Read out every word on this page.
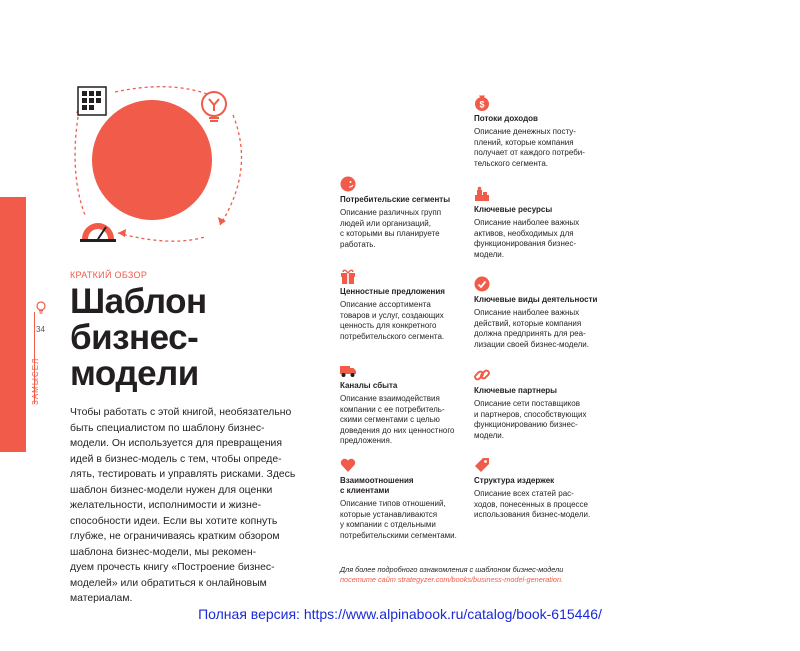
34
ЗАМЫСЕЛ
КРАТКИЙ ОБЗОР
Шаблон
бизнес-
модели
Чтобы работать с этой книгой, необязательно
быть специалистом по шаблону бизнес-
модели. Он используется для превращения
идей в бизнес-модель с тем, чтобы опреде-
лять, тестировать и управлять рисками. Здесь
шаблон бизнес-модели нужен для оценки
желательности, исполнимости и жизне-
способности идеи. Если вы хотите копнуть
глубже, не ограничиваясь кратким обзором
шаблона бизнес-модели, мы рекомен-
дуем прочесть книгу «Построение бизнес-
моделей» или обратиться к онлайновым
материалам.
Потребительские сегменты
Описание различных групп
людей или организаций,
с которыми вы планируете
работать.
Ценностные предложения
Описание ассортимента
товаров и услуг, создающих
ценность для конкретного
потребительского сегмента.
Каналы сбыта
Описание взаимодействия
компании с ее потребитель-
скими сегментами с целью
доведения до них ценностного
предложения.
Взаимоотношения
с клиентами
Описание типов отношений,
которые устанавливаются
у компании с отдельными
потребительскими сегментами.
$
Потоки доходов
Описание денежных посту-
плений, которые компания
получает от каждого потреби-
тельского сегмента.
Ключевые ресурсы
Описание наиболее важных
активов, необходимых для
функционирования бизнес-
модели.
Ключевые виды деятельности
Описание наиболее важных
действий, которые компания
должна предпринять для реа-
лизации своей бизнес-модели.
Ключевые партнеры
Описание сети поставщиков
и партнеров, способствующих
функционированию бизнес-
модели.
Структура издержек
Описание всех статей рас-
ходов, понесенных в процессе
использования бизнес-модели.
Для более подробного ознакомления с шаблоном бизнес-модели
посетите сайт strategyzer.com/books/business-model-generation.
Полная версия: https://www.alpinabook.ru/catalog/book-615446/
